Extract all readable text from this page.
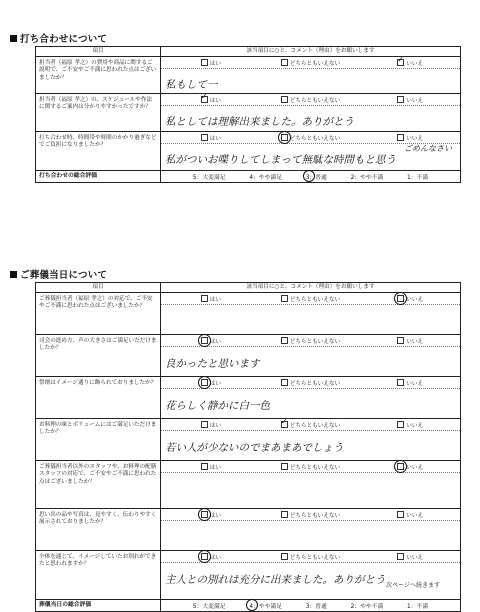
打ち合わせについて
項目	該当項目に○と、コメント（理由）をお願いします
担当者（福原 孝之）の費用や商品に関するご説明で、ご不安やご不満に思われた点はございましたか？	はい どちらともいえない ✓ いいえ
私もして一

担当者（福原 孝之）の、スケジュールや作法に関するご案内は分かりやすかったですか？	
✓はい どちらともいえない いいえ
私としては理解出来ました。ありがとう

打ち合わせ時、時間帯や時間のかかり過ぎなどでご負担になりましたか？	はい どちらともいえない いいえ
私がついお喋りしてしまって無駄な時間もと思う
ごめんなさい

打ち合わせの総合評価	5：大変満足 4：やや満足 3：普通 2：やや不満 1：不満
ご葬儀当日について
項目	該当項目に○と、コメント（理由）をお願いします
ご葬儀担当者（福原 孝之）の対応で、ご不安やご不満に思われた点はございましたか？	はい どちらともいえない いいえ

司会の進め方、声の大きさはご満足いただけましたか？	はい どちらともいえない いいえ
良かったと思います

祭壇はイメージ通りに飾られておりましたか？	はい どちらともいえない いいえ
花らしく静かに白一色

お料理の味とボリュームにはご満足いただけましたか？	はい ✓ どちらともいえない いいえ
若い人が少ないのでまあまあでしょう

ご葬儀担当者以外のスタッフや、お料理の配膳スタッフの対応で、ご不安やご不満に思われた点はございましたか？	はい どちらともいえない いいえ

思い出の品や写真は、見やすく、伝わりやすく展示されておりましたか？	はい どちらともいえない いいえ

全体を通じて、イメージしていたお別れができたと思われますか？	はい どちらともいえない いいえ
主人との別れは充分に出来ました。ありがとう

葬儀当日の総合評価	5：大変満足 4：やや満足 3：普通 2：やや不満 1：不満
次ページへ続きます
